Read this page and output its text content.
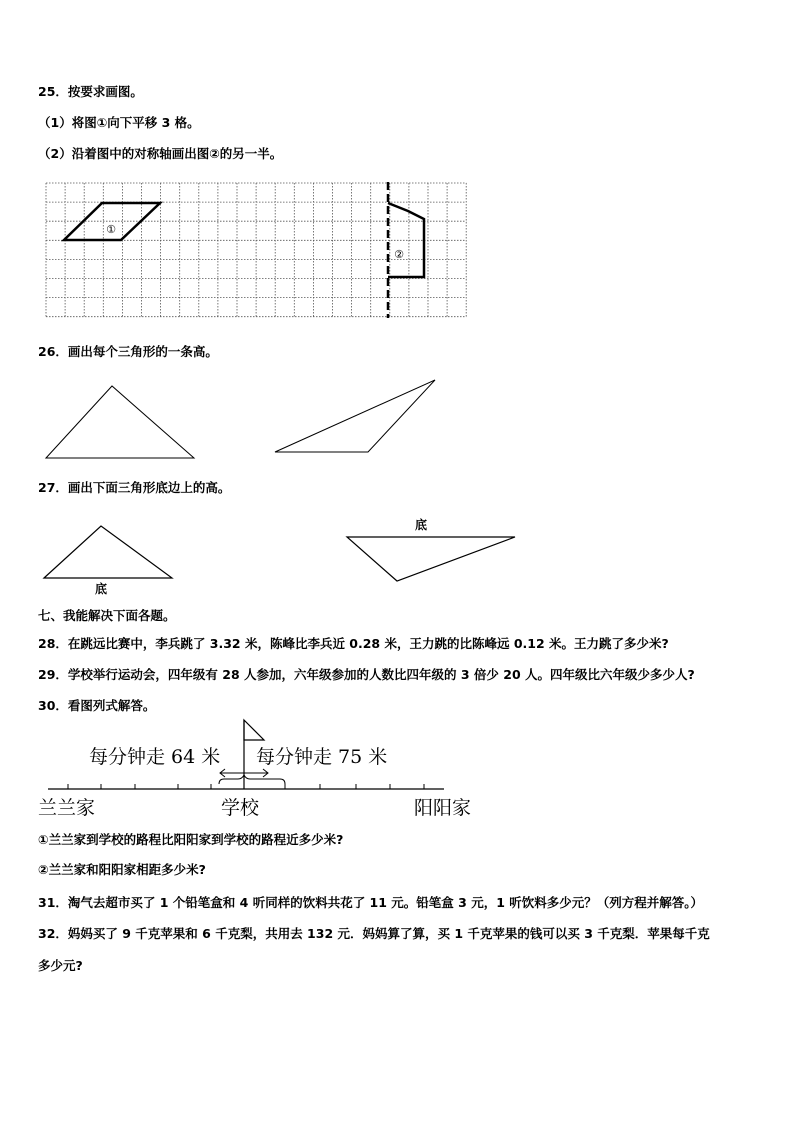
25．按要求画图。
（1）将图①向下平移 3 格。
（2）沿着图中的对称轴画出图②的另一半。
①
②
26．画出每个三角形的一条高。
27．画出下面三角形底边上的高。
底
底
七、我能解决下面各题。
28．在跳远比赛中，李兵跳了 3.32 米，陈峰比李兵近 0.28 米，王力跳的比陈峰远 0.12 米。王力跳了多少米?
29．学校举行运动会，四年级有 28 人参加，六年级参加的人数比四年级的 3 倍少 20 人。四年级比六年级少多少人?
30．看图列式解答。
每分钟走 64 米 每分钟走 75 米
兰兰家	学校	阳阳家
①兰兰家到学校的路程比阳阳家到学校的路程近多少米?
②兰兰家和阳阳家相距多少米?
31．淘气去超市买了 1 个铅笔盒和 4 听同样的饮料共花了 11 元。铅笔盒 3 元，1 听饮料多少元？（列方程并解答。）
32．妈妈买了 9 千克苹果和 6 千克梨，共用去 132 元．妈妈算了算，买 1 千克苹果的钱可以买 3 千克梨．苹果每千克
多少元?
